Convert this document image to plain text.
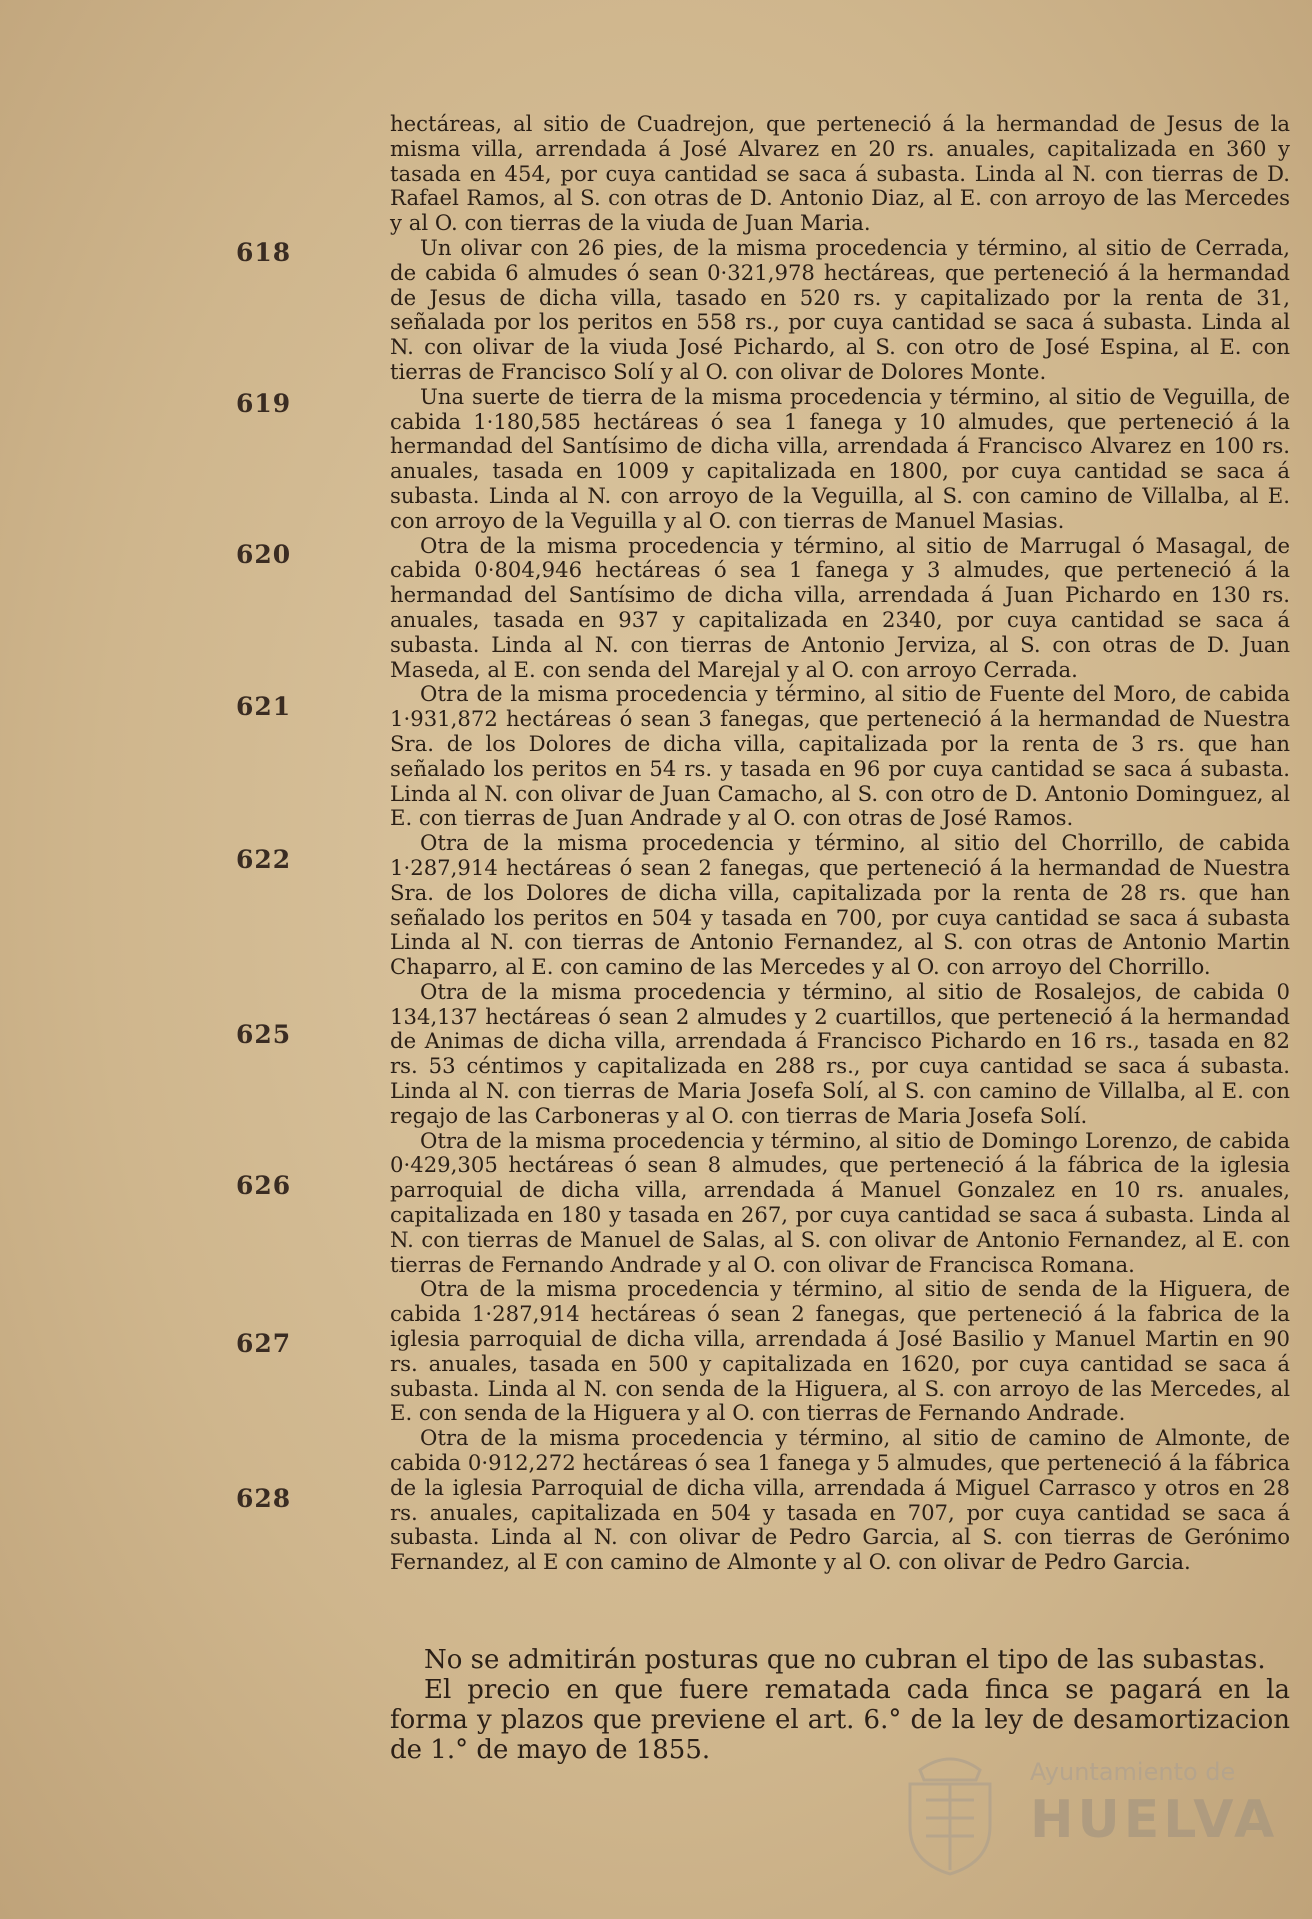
618
619
620
621
622
625
626
627
628

hectáreas, al sitio de Cuadrejon, que perteneció á la hermandad de Jesus de la misma villa, arrendada á José Alvarez en 20 rs. anuales, capitalizada en 360 y tasada en 454, por cuya cantidad se saca á subasta. Linda al N. con tierras de D. Rafael Ramos, al S. con otras de D. Antonio Diaz, al E. con arroyo de las Mercedes y al O. con tierras de la viuda de Juan Maria.

Un olivar con 26 pies, de la misma procedencia y término, al sitio de Cerrada, de cabida 6 almudes ó sean 0·321,978 hectáreas, que perteneció á la hermandad de Jesus de dicha villa, tasado en 520 rs. y capitalizado por la renta de 31, señalada por los peritos en 558 rs., por cuya cantidad se saca á subasta. Linda al N. con olivar de la viuda José Pichardo, al S. con otro de José Espina, al E. con tierras de Francisco Solí y al O. con olivar de Dolores Monte.

Una suerte de tierra de la misma procedencia y término, al sitio de Veguilla, de cabida 1·180,585 hectáreas ó sea 1 fanega y 10 almudes, que perteneció á la hermandad del Santísimo de dicha villa, arrendada á Francisco Alvarez en 100 rs. anuales, tasada en 1009 y capitalizada en 1800, por cuya cantidad se saca á subasta. Linda al N. con arroyo de la Veguilla, al S. con camino de Villalba, al E. con arroyo de la Veguilla y al O. con tierras de Manuel Masias.

Otra de la misma procedencia y término, al sitio de Marrugal ó Masagal, de cabida 0·804,946 hectáreas ó sea 1 fanega y 3 almudes, que perteneció á la hermandad del Santísimo de dicha villa, arrendada á Juan Pichardo en 130 rs. anuales, tasada en 937 y capitalizada en 2340, por cuya cantidad se saca á subasta. Linda al N. con tierras de Antonio Jerviza, al S. con otras de D. Juan Maseda, al E. con senda del Marejal y al O. con arroyo Cerrada.

Otra de la misma procedencia y término, al sitio de Fuente del Moro, de cabida 1·931,872 hectáreas ó sean 3 fanegas, que perteneció á la hermandad de Nuestra Sra. de los Dolores de dicha villa, capitalizada por la renta de 3 rs. que han señalado los peritos en 54 rs. y tasada en 96 por cuya cantidad se saca á subasta. Linda al N. con olivar de Juan Camacho, al S. con otro de D. Antonio Dominguez, al E. con tierras de Juan Andrade y al O. con otras de José Ramos.

Otra de la misma procedencia y término, al sitio del Chorrillo, de cabida 1·287,914 hectáreas ó sean 2 fanegas, que perteneció á la hermandad de Nuestra Sra. de los Dolores de dicha villa, capitalizada por la renta de 28 rs. que han señalado los peritos en 504 y tasada en 700, por cuya cantidad se saca á subasta Linda al N. con tierras de Antonio Fernandez, al S. con otras de Antonio Martin Chaparro, al E. con camino de las Mercedes y al O. con arroyo del Chorrillo.

Otra de la misma procedencia y término, al sitio de Rosalejos, de cabida 0 134,137 hectáreas ó sean 2 almudes y 2 cuartillos, que perteneció á la hermandad de Animas de dicha villa, arrendada á Francisco Pichardo en 16 rs., tasada en 82 rs. 53 céntimos y capitalizada en 288 rs., por cuya cantidad se saca á subasta. Linda al N. con tierras de Maria Josefa Solí, al S. con camino de Villalba, al E. con regajo de las Carboneras y al O. con tierras de Maria Josefa Solí.

Otra de la misma procedencia y término, al sitio de Domingo Lorenzo, de cabida 0·429,305 hectáreas ó sean 8 almudes, que perteneció á la fábrica de la iglesia parroquial de dicha villa, arrendada á Manuel Gonzalez en 10 rs. anuales, capitalizada en 180 y tasada en 267, por cuya cantidad se saca á subasta. Linda al N. con tierras de Manuel de Salas, al S. con olivar de Antonio Fernandez, al E. con tierras de Fernando Andrade y al O. con olivar de Francisca Romana.

Otra de la misma procedencia y término, al sitio de senda de la Higuera, de cabida 1·287,914 hectáreas ó sean 2 fanegas, que perteneció á la fabrica de la iglesia parroquial de dicha villa, arrendada á José Basilio y Manuel Martin en 90 rs. anuales, tasada en 500 y capitalizada en 1620, por cuya cantidad se saca á subasta. Linda al N. con senda de la Higuera, al S. con arroyo de las Mercedes, al E. con senda de la Higuera y al O. con tierras de Fernando Andrade.

Otra de la misma procedencia y término, al sitio de camino de Almonte, de cabida 0·912,272 hectáreas ó sea 1 fanega y 5 almudes, que perteneció á la fábrica de la iglesia Parroquial de dicha villa, arrendada á Miguel Carrasco y otros en 28 rs. anuales, capitalizada en 504 y tasada en 707, por cuya cantidad se saca á subasta. Linda al N. con olivar de Pedro Garcia, al S. con tierras de Gerónimo Fernandez, al E con camino de Almonte y al O. con olivar de Pedro Garcia.

No se admitirán posturas que no cubran el tipo de las subastas.

El precio en que fuere rematada cada finca se pagará en la forma y plazos que previene el art. 6.° de la ley de desamortizacion de 1.° de mayo de 1855.

Ayuntamiento de
HUELVA
